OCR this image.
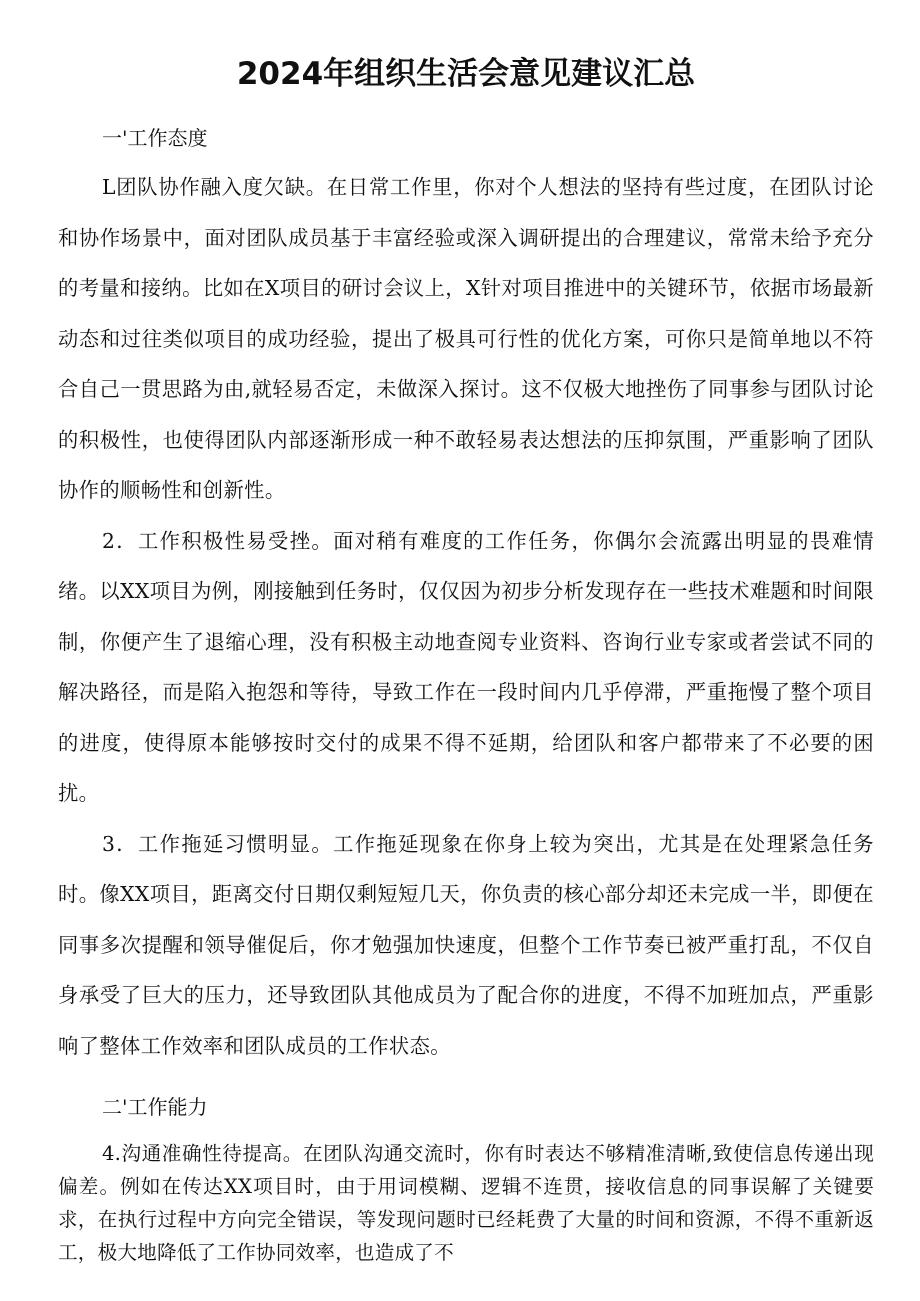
2024年组织生活会意见建议汇总

一'工作态度

L团队协作融入度欠缺。在日常工作里，你对个人想法的坚持有些过度，在团队讨论和协作场景中，面对团队成员基于丰富经验或深入调研提出的合理建议，常常未给予充分的考量和接纳。比如在X项目的研讨会议上，X针对项目推进中的关键环节，依据市场最新动态和过往类似项目的成功经验，提出了极具可行性的优化方案，可你只是简单地以不符合自己一贯思路为由,就轻易否定，未做深入探讨。这不仅极大地挫伤了同事参与团队讨论的积极性，也使得团队内部逐渐形成一种不敢轻易表达想法的压抑氛围，严重影响了团队协作的顺畅性和创新性。

2．工作积极性易受挫。面对稍有难度的工作任务，你偶尔会流露出明显的畏难情绪。以XX项目为例，刚接触到任务时，仅仅因为初步分析发现存在一些技术难题和时间限制，你便产生了退缩心理，没有积极主动地查阅专业资料、咨询行业专家或者尝试不同的解决路径，而是陷入抱怨和等待，导致工作在一段时间内几乎停滞，严重拖慢了整个项目的进度，使得原本能够按时交付的成果不得不延期，给团队和客户都带来了不必要的困扰。

3．工作拖延习惯明显。工作拖延现象在你身上较为突出，尤其是在处理紧急任务时。像XX项目，距离交付日期仅剩短短几天，你负责的核心部分却还未完成一半，即便在同事多次提醒和领导催促后，你才勉强加快速度，但整个工作节奏已被严重打乱，不仅自身承受了巨大的压力，还导致团队其他成员为了配合你的进度，不得不加班加点，严重影响了整体工作效率和团队成员的工作状态。

二'工作能力

4.沟通准确性待提高。在团队沟通交流时，你有时表达不够精准清晰,致使信息传递出现偏差。例如在传达XX项目时，由于用词模糊、逻辑不连贯，接收信息的同事误解了关键要求，在执行过程中方向完全错误，等发现问题时已经耗费了大量的时间和资源，不得不重新返工，极大地降低了工作协同效率，也造成了不
